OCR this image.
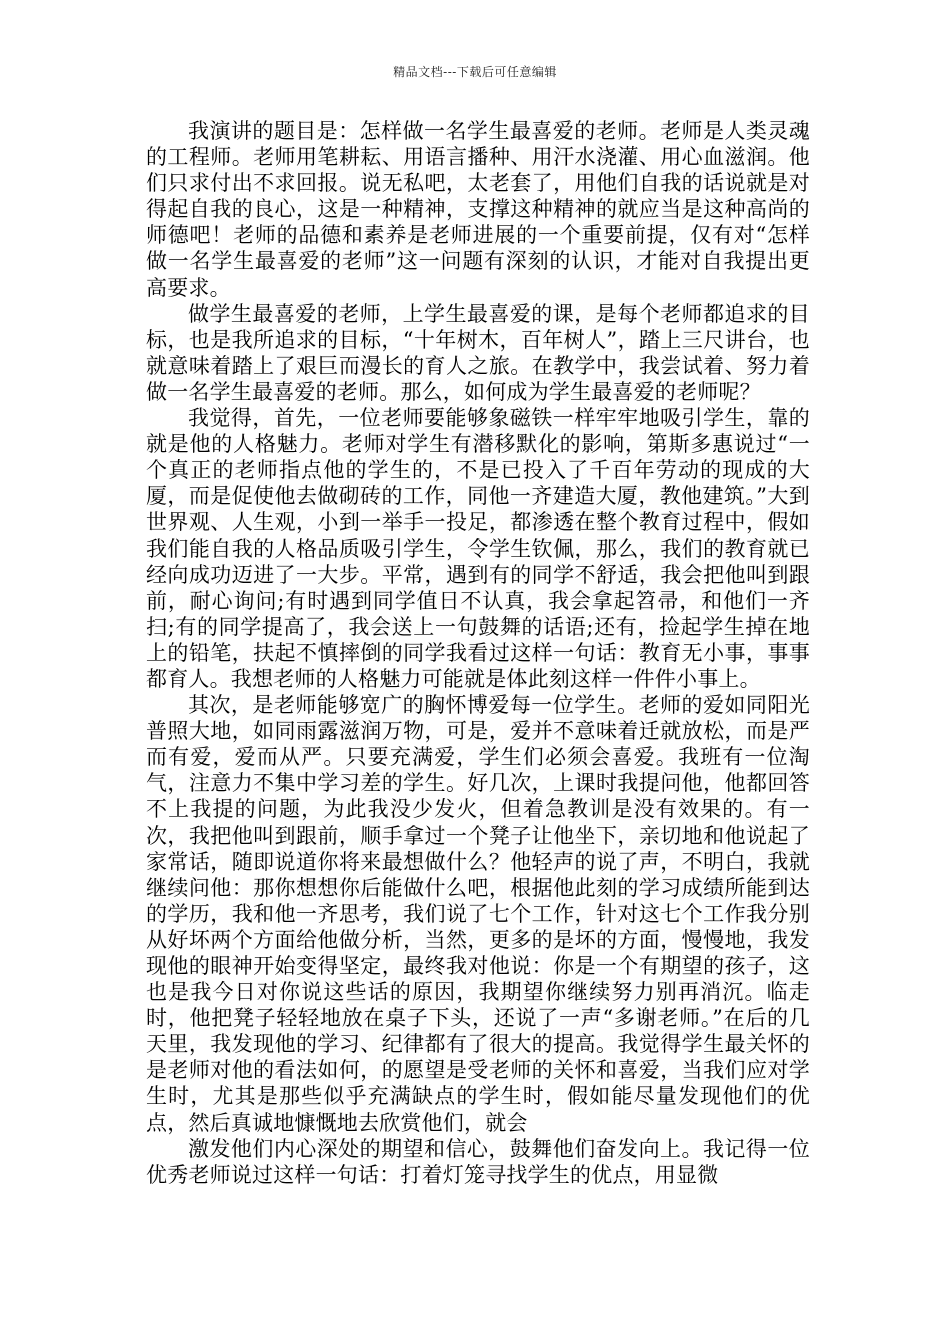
精品文档---下载后可任意编辑

我演讲的题目是：怎样做一名学生最喜爱的老师。老师是人类灵魂的工程师。老师用笔耕耘、用语言播种、用汗水浇灌、用心血滋润。他们只求付出不求回报。说无私吧，太老套了，用他们自我的话说就是对得起自我的良心，这是一种精神，支撑这种精神的就应当是这种高尚的师德吧！老师的品德和素养是老师进展的一个重要前提，仅有对“怎样做一名学生最喜爱的老师”这一问题有深刻的认识，才能对自我提出更高要求。

做学生最喜爱的老师，上学生最喜爱的课，是每个老师都追求的目标，也是我所追求的目标，“十年树木，百年树人”，踏上三尺讲台，也就意味着踏上了艰巨而漫长的育人之旅。在教学中，我尝试着、努力着做一名学生最喜爱的老师。那么，如何成为学生最喜爱的老师呢？

我觉得，首先，一位老师要能够象磁铁一样牢牢地吸引学生，靠的就是他的人格魅力。老师对学生有潜移默化的影响，第斯多惠说过“一个真正的老师指点他的学生的，不是已投入了千百年劳动的现成的大厦，而是促使他去做砌砖的工作，同他一齐建造大厦，教他建筑。”大到世界观、人生观，小到一举手一投足，都渗透在整个教育过程中，假如我们能自我的人格品质吸引学生，令学生钦佩，那么，我们的教育就已经向成功迈进了一大步。平常，遇到有的同学不舒适，我会把他叫到跟前，耐心询问;有时遇到同学值日不认真，我会拿起笤帚，和他们一齐扫;有的同学提高了，我会送上一句鼓舞的话语;还有，捡起学生掉在地上的铅笔，扶起不慎摔倒的同学我看过这样一句话：教育无小事，事事都育人。我想老师的人格魅力可能就是体此刻这样一件件小事上。

其次，是老师能够宽广的胸怀博爱每一位学生。老师的爱如同阳光普照大地，如同雨露滋润万物，可是，爱并不意味着迁就放松，而是严而有爱，爱而从严。只要充满爱，学生们必须会喜爱。我班有一位淘气，注意力不集中学习差的学生。好几次，上课时我提问他，他都回答不上我提的问题，为此我没少发火，但着急教训是没有效果的。有一次，我把他叫到跟前，顺手拿过一个凳子让他坐下，亲切地和他说起了家常话，随即说道你将来最想做什么？他轻声的说了声，不明白，我就继续问他：那你想想你后能做什么吧，根据他此刻的学习成绩所能到达的学历，我和他一齐思考，我们说了七个工作，针对这七个工作我分别从好坏两个方面给他做分析，当然，更多的是坏的方面，慢慢地，我发现他的眼神开始变得坚定，最终我对他说：你是一个有期望的孩子，这也是我今日对你说这些话的原因，我期望你继续努力别再消沉。临走时，他把凳子轻轻地放在桌子下头，还说了一声“多谢老师。”在后的几天里，我发现他的学习、纪律都有了很大的提高。我觉得学生最关怀的是老师对他的看法如何，的愿望是受老师的关怀和喜爱，当我们应对学生时，尤其是那些似乎充满缺点的学生时，假如能尽量发现他们的优点，然后真诚地慷慨地去欣赏他们，就会

激发他们内心深处的期望和信心，鼓舞他们奋发向上。我记得一位优秀老师说过这样一句话：打着灯笼寻找学生的优点，用显微
